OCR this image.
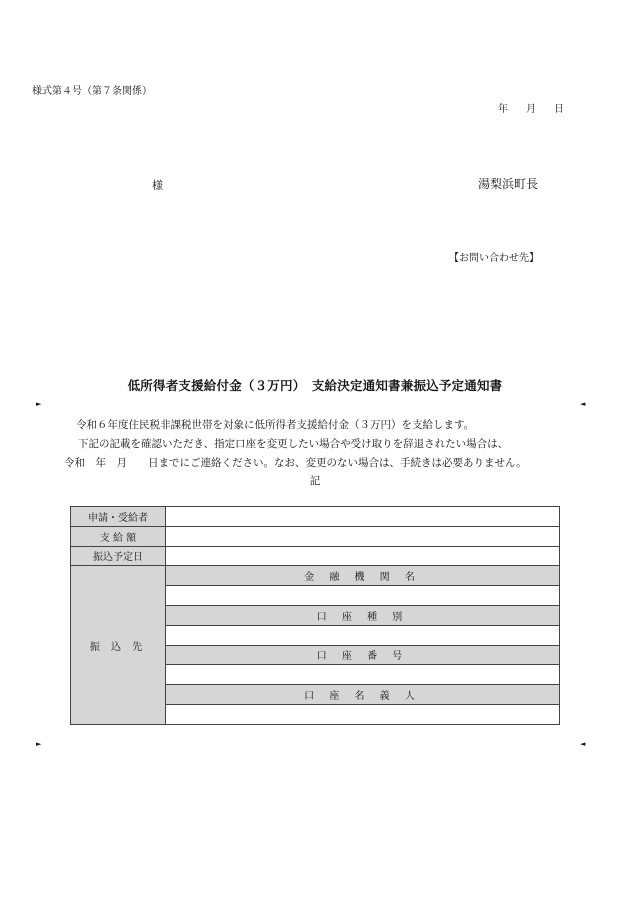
様式第４号（第７条関係）
年 月 日
様	湯梨浜町長
【お問い合わせ先】
低所得者支援給付金（３万円）　支給決定通知書兼振込予定通知書
►	◄
令和６年度住民税非課税世帯を対象に低所得者支援給付金（３万円）を支給します。
下記の記載を確認いただき、指定口座を変更したい場合や受け取りを辞退されたい場合は、
令和　年　月　　日までにご連絡ください。なお、変更のない場合は、手続きは必要ありません。
記
申請・受給者	
支 給 額	
振込予定日	
振 込 先	金 融 機 関 名

	口 座 種 別

	口 座 番 号

	口 座 名 義 人

►	◄
